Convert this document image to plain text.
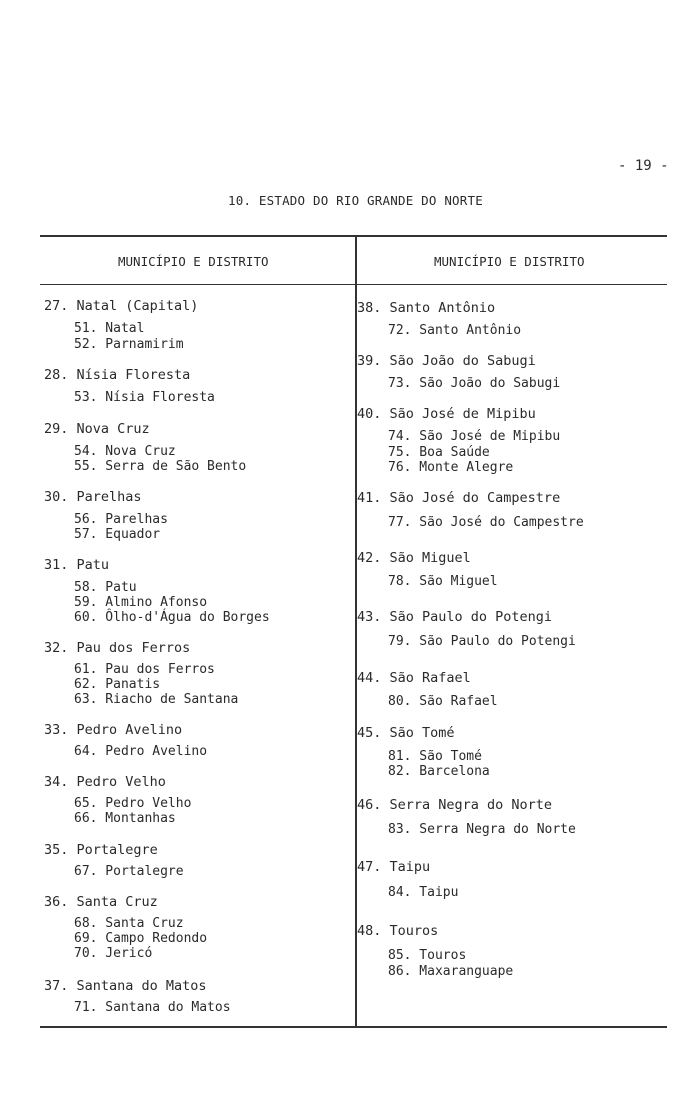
- 19 -
10. ESTADO DO RIO GRANDE DO NORTE
MUNICÍPIO E DISTRITO	MUNICÍPIO E DISTRITO
27. Natal (Capital)
51. Natal
52. Parnamirim
28. Nísia Floresta
53. Nísia Floresta
29. Nova Cruz
54. Nova Cruz
55. Serra de São Bento
30. Parelhas
56. Parelhas
57. Equador
31. Patu
58. Patu
59. Almino Afonso
60. Ôlho-d'Água do Borges
32. Pau dos Ferros
61. Pau dos Ferros
62. Panatis
63. Riacho de Santana
33. Pedro Avelino
64. Pedro Avelino
34. Pedro Velho
65. Pedro Velho
66. Montanhas
35. Portalegre
67. Portalegre
36. Santa Cruz
68. Santa Cruz
69. Campo Redondo
70. Jericó
37. Santana do Matos
71. Santana do Matos
38. Santo Antônio
72. Santo Antônio
39. São João do Sabugi
73. São João do Sabugi
40. São José de Mipibu
74. São José de Mipibu
75. Boa Saúde
76. Monte Alegre
41. São José do Campestre
77. São José do Campestre
42. São Miguel
78. São Miguel
43. São Paulo do Potengi
79. São Paulo do Potengi
44. São Rafael
80. São Rafael
45. São Tomé
81. São Tomé
82. Barcelona
46. Serra Negra do Norte
83. Serra Negra do Norte
47. Taipu
84. Taipu
48. Touros
85. Touros
86. Maxaranguape
